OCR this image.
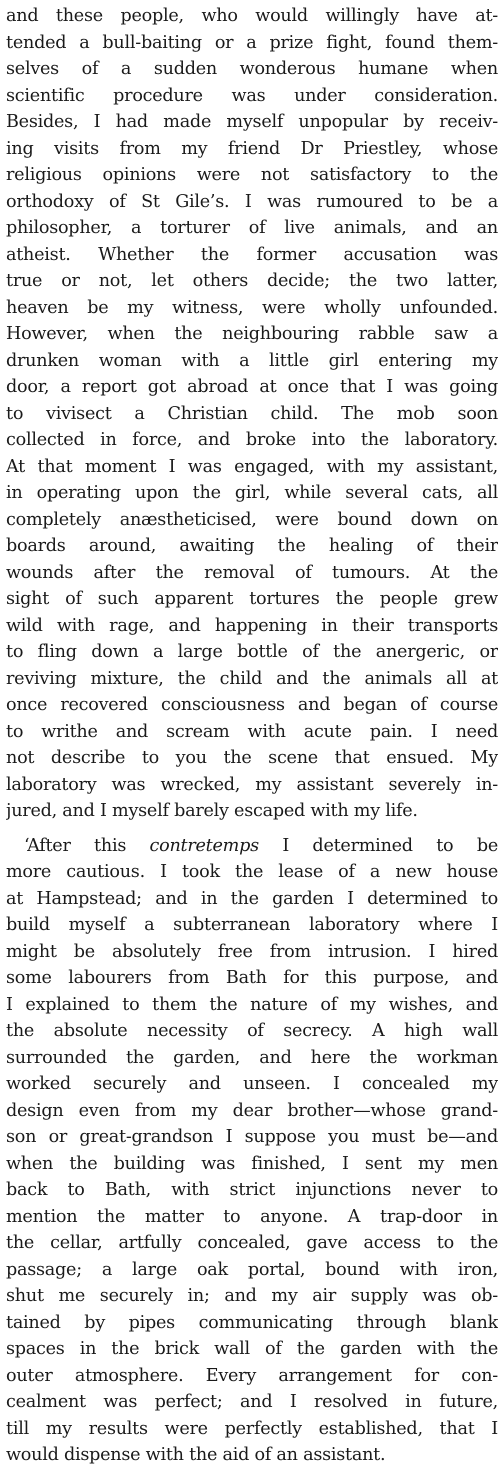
and these people, who would willingly have at-
tended a bull-baiting or a prize fight, found them-
selves of a sudden wonderous humane when
scientific procedure was under consideration.
Besides, I had made myself unpopular by receiv-
ing visits from my friend Dr Priestley, whose
religious opinions were not satisfactory to the
orthodoxy of St Gile’s. I was rumoured to be a
philosopher, a torturer of live animals, and an
atheist. Whether the former accusation was
true or not, let others decide; the two latter,
heaven be my witness, were wholly unfounded.
However, when the neighbouring rabble saw a
drunken woman with a little girl entering my
door, a report got abroad at once that I was going
to vivisect a Christian child. The mob soon
collected in force, and broke into the laboratory.
At that moment I was engaged, with my assistant,
in operating upon the girl, while several cats, all
completely anæstheticised, were bound down on
boards around, awaiting the healing of their
wounds after the removal of tumours. At the
sight of such apparent tortures the people grew
wild with rage, and happening in their transports
to fling down a large bottle of the anergeric, or
reviving mixture, the child and the animals all at
once recovered consciousness and began of course
to writhe and scream with acute pain. I need
not describe to you the scene that ensued. My
laboratory was wrecked, my assistant severely in-
jured, and I myself barely escaped with my life.
‘After this contretemps I determined to be
more cautious. I took the lease of a new house
at Hampstead; and in the garden I determined to
build myself a subterranean laboratory where I
might be absolutely free from intrusion. I hired
some labourers from Bath for this purpose, and
I explained to them the nature of my wishes, and
the absolute necessity of secrecy. A high wall
surrounded the garden, and here the workman
worked securely and unseen. I concealed my
design even from my dear brother—whose grand-
son or great-grandson I suppose you must be—and
when the building was finished, I sent my men
back to Bath, with strict injunctions never to
mention the matter to anyone. A trap-door in
the cellar, artfully concealed, gave access to the
passage; a large oak portal, bound with iron,
shut me securely in; and my air supply was ob-
tained by pipes communicating through blank
spaces in the brick wall of the garden with the
outer atmosphere. Every arrangement for con-
cealment was perfect; and I resolved in future,
till my results were perfectly established, that I
would dispense with the aid of an assistant.
